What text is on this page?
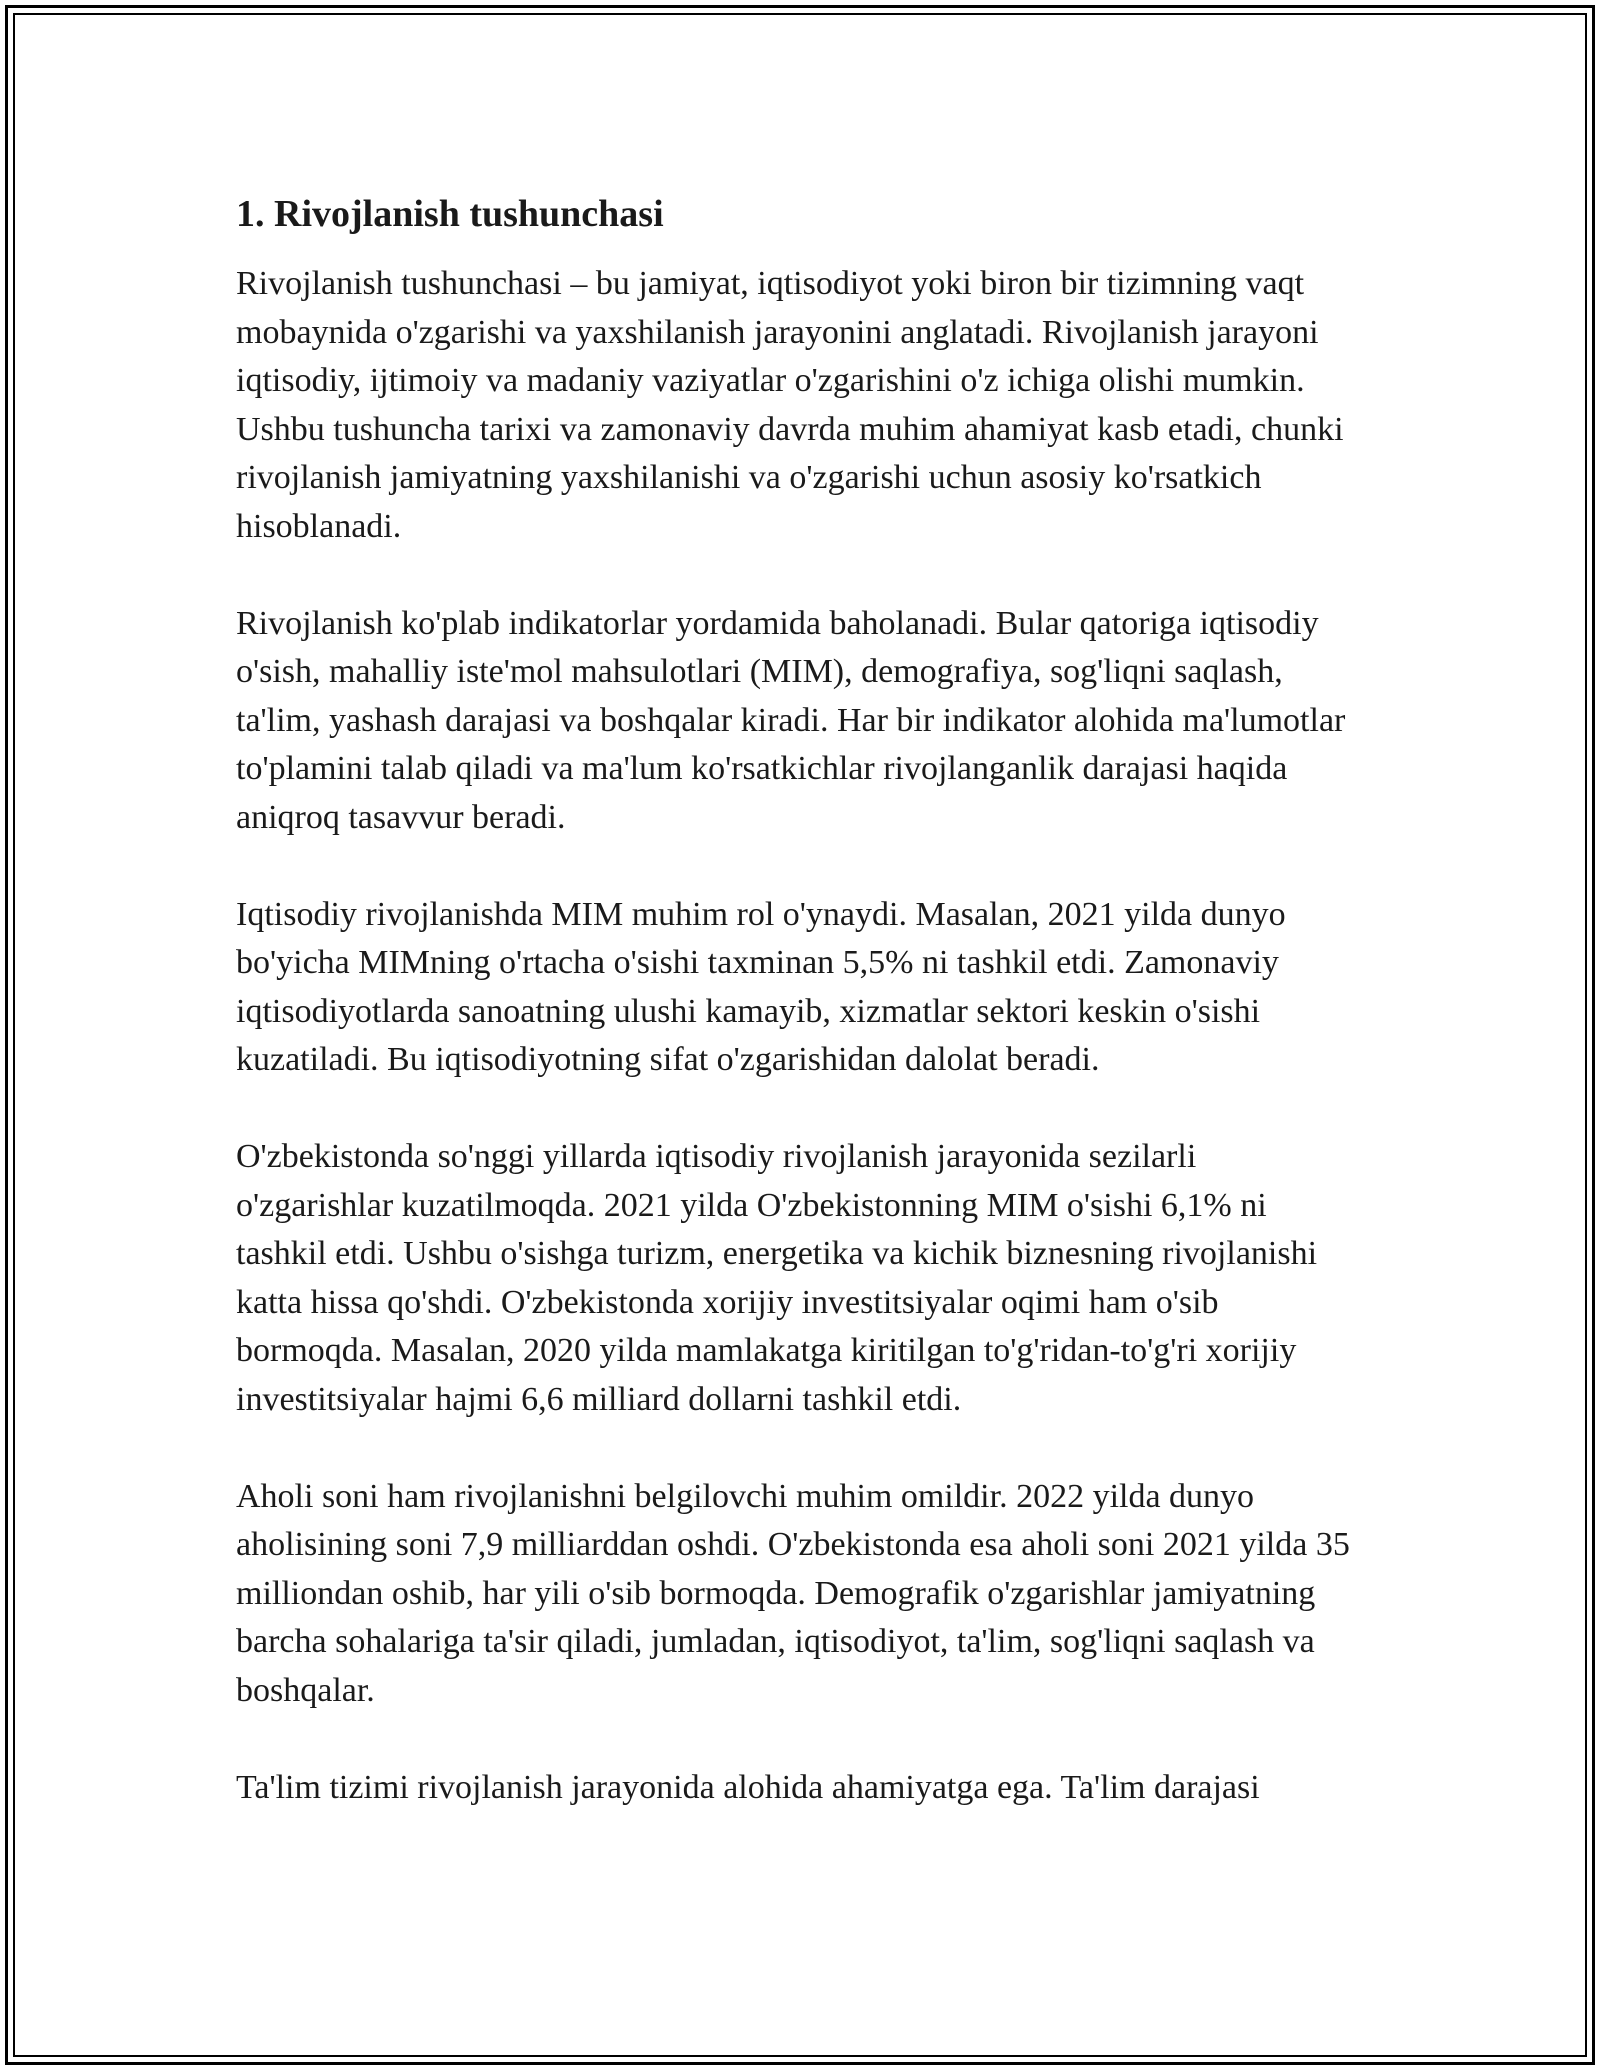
1. Rivojlanish tushunchasi

Rivojlanish tushunchasi – bu jamiyat, iqtisodiyot yoki biron bir tizimning vaqt mobaynida o'zgarishi va yaxshilanish jarayonini anglatadi. Rivojlanish jarayoni iqtisodiy, ijtimoiy va madaniy vaziyatlar o'zgarishini o'z ichiga olishi mumkin. Ushbu tushuncha tarixi va zamonaviy davrda muhim ahamiyat kasb etadi, chunki rivojlanish jamiyatning yaxshilanishi va o'zgarishi uchun asosiy ko'rsatkich hisoblanadi.

Rivojlanish ko'plab indikatorlar yordamida baholanadi. Bular qatoriga iqtisodiy o'sish, mahalliy iste'mol mahsulotlari (MIM), demografiya, sog'liqni saqlash, ta'lim, yashash darajasi va boshqalar kiradi. Har bir indikator alohida ma'lumotlar to'plamini talab qiladi va ma'lum ko'rsatkichlar rivojlanganlik darajasi haqida aniqroq tasavvur beradi.

Iqtisodiy rivojlanishda MIM muhim rol o'ynaydi. Masalan, 2021 yilda dunyo bo'yicha MIMning o'rtacha o'sishi taxminan 5,5% ni tashkil etdi. Zamonaviy iqtisodiyotlarda sanoatning ulushi kamayib, xizmatlar sektori keskin o'sishi kuzatiladi. Bu iqtisodiyotning sifat o'zgarishidan dalolat beradi.

O'zbekistonda so'nggi yillarda iqtisodiy rivojlanish jarayonida sezilarli o'zgarishlar kuzatilmoqda. 2021 yilda O'zbekistonning MIM o'sishi 6,1% ni tashkil etdi. Ushbu o'sishga turizm, energetika va kichik biznesning rivojlanishi katta hissa qo'shdi. O'zbekistonda xorijiy investitsiyalar oqimi ham o'sib bormoqda. Masalan, 2020 yilda mamlakatga kiritilgan to'g'ridan-to'g'ri xorijiy investitsiyalar hajmi 6,6 milliard dollarni tashkil etdi.

Aholi soni ham rivojlanishni belgilovchi muhim omildir. 2022 yilda dunyo aholisining soni 7,9 milliarddan oshdi. O'zbekistonda esa aholi soni 2021 yilda 35 milliondan oshib, har yili o'sib bormoqda. Demografik o'zgarishlar jamiyatning barcha sohalariga ta'sir qiladi, jumladan, iqtisodiyot, ta'lim, sog'liqni saqlash va boshqalar.

Ta'lim tizimi rivojlanish jarayonida alohida ahamiyatga ega. Ta'lim darajasi
